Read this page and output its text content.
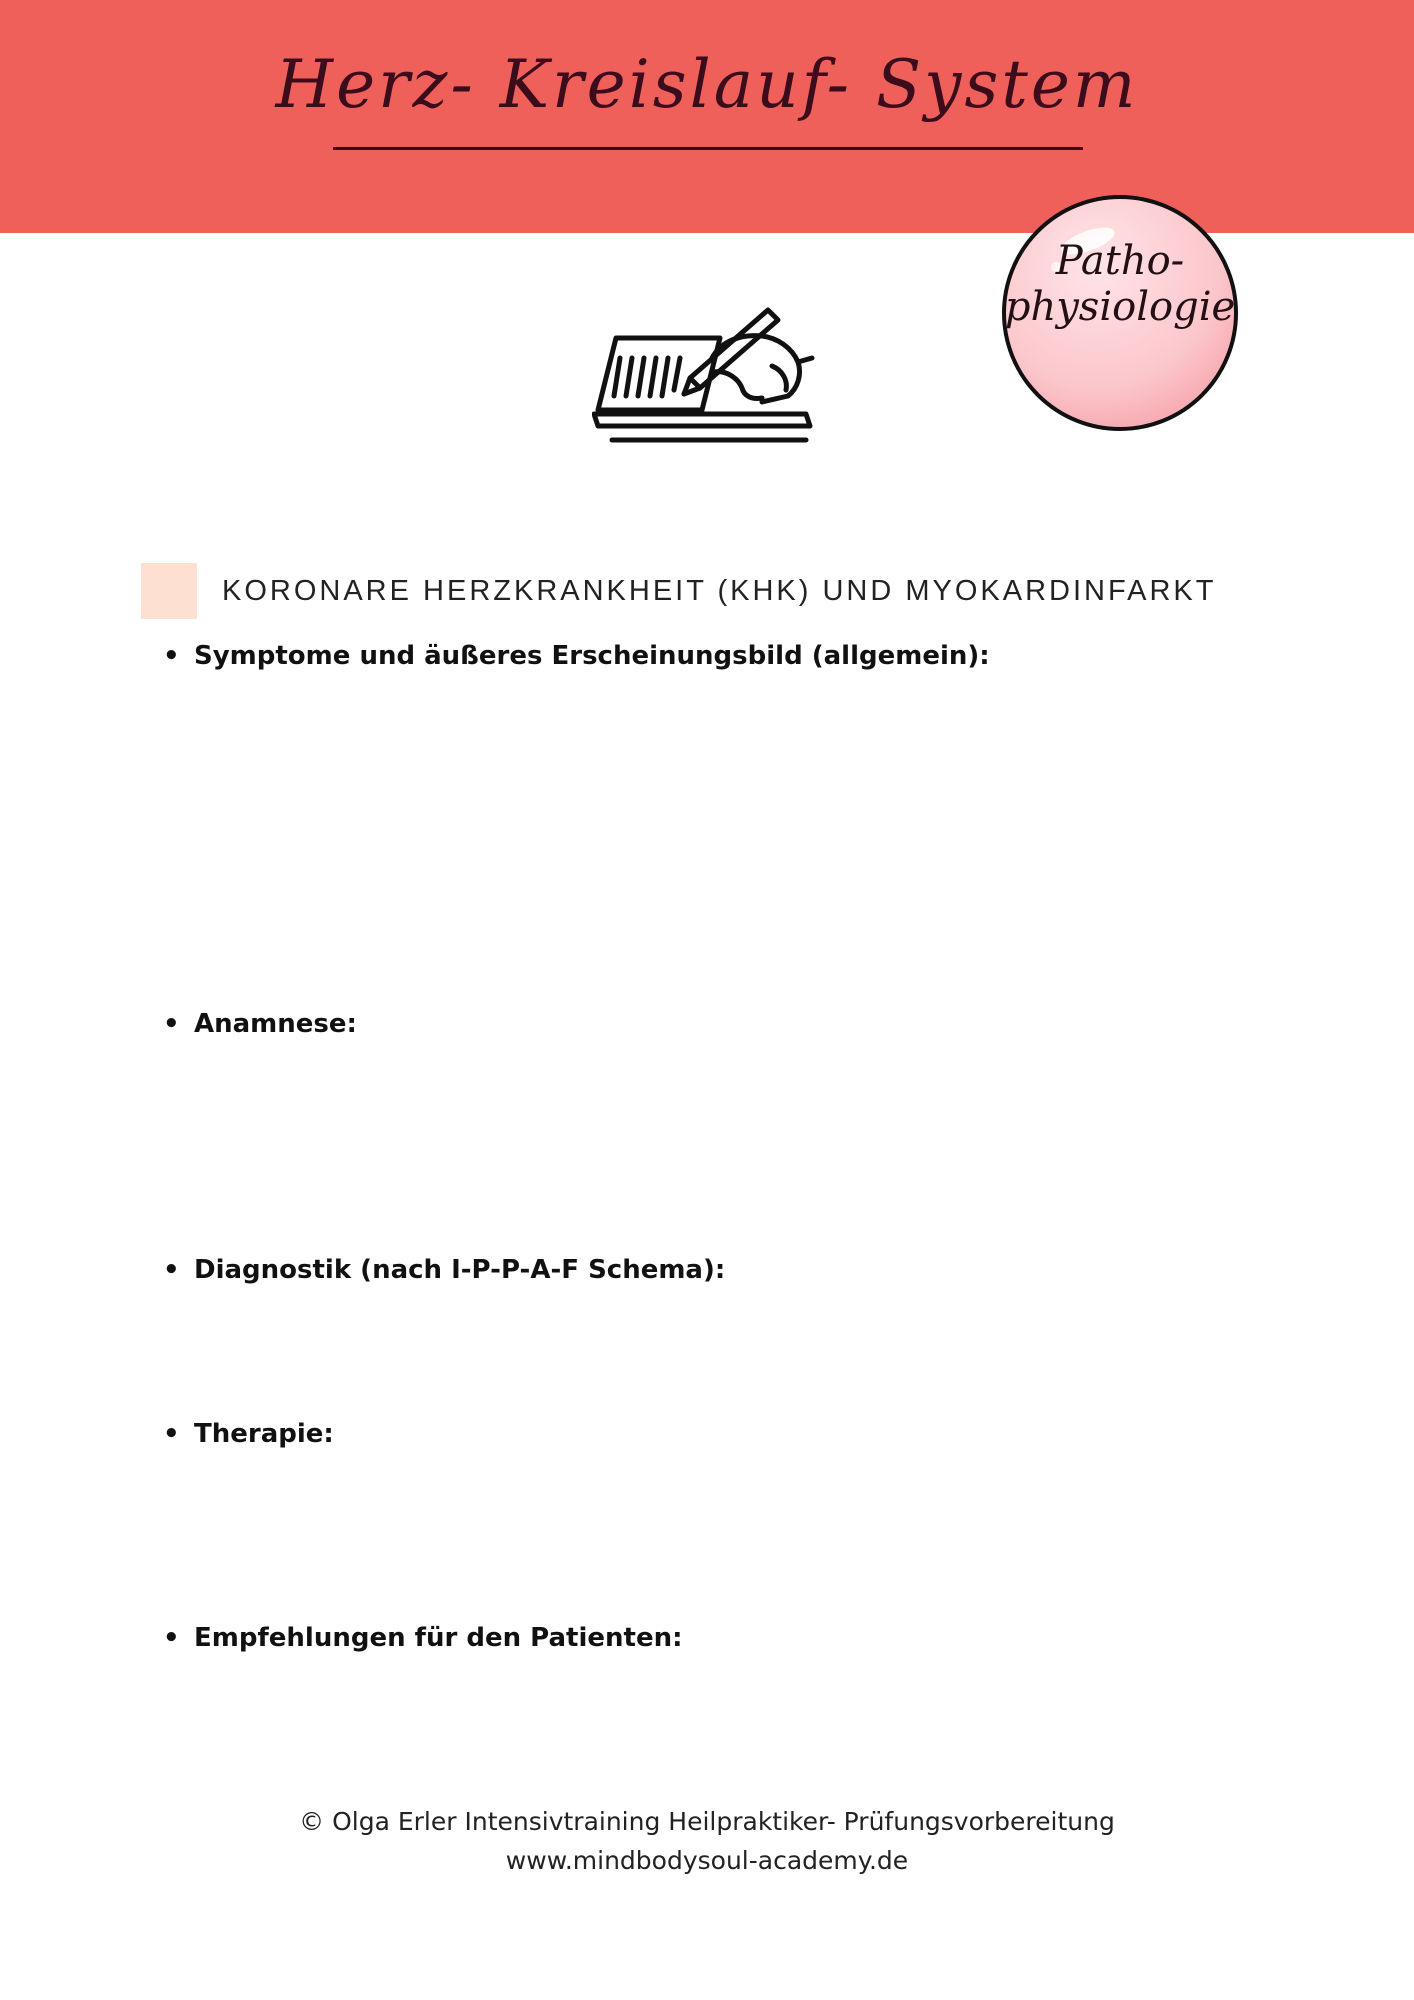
Herz- Kreislauf- System
Patho-
physiologie
KORONARE HERZKRANKHEIT (KHK) UND MYOKARDINFARKT
• Symptome und äußeres Erscheinungsbild (allgemein):
• Anamnese:
• Diagnostik (nach I-P-P-A-F Schema):
• Therapie:
• Empfehlungen für den Patienten:
© Olga Erler Intensivtraining Heilpraktiker- Prüfungsvorbereitung
www.mindbodysoul-academy.de
